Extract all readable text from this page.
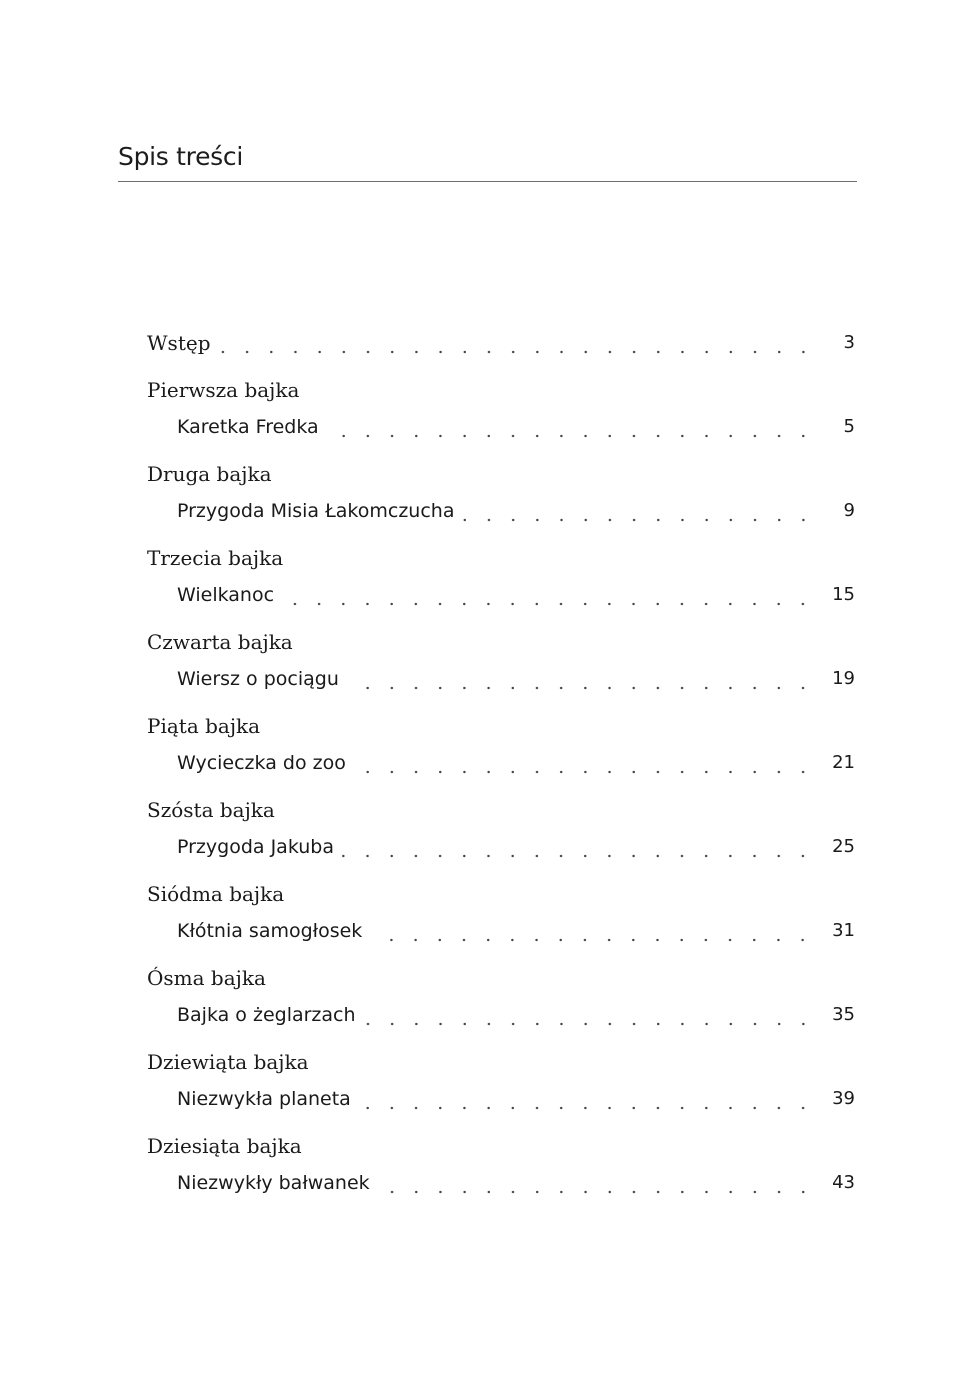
Spis treści
Wstęp	3
Pierwsza bajka
Karetka Fredka	5
Druga bajka
Przygoda Misia Łakomczucha	9
Trzecia bajka
Wielkanoc	15
Czwarta bajka
Wiersz o pociągu	19
Piąta bajka
Wycieczka do zoo	21
Szósta bajka
Przygoda Jakuba	25
Siódma bajka
Kłótnia samogłosek	31
Ósma bajka
Bajka o żeglarzach	35
Dziewiąta bajka
Niezwykła planeta	39
Dziesiąta bajka
Niezwykły bałwanek	43
